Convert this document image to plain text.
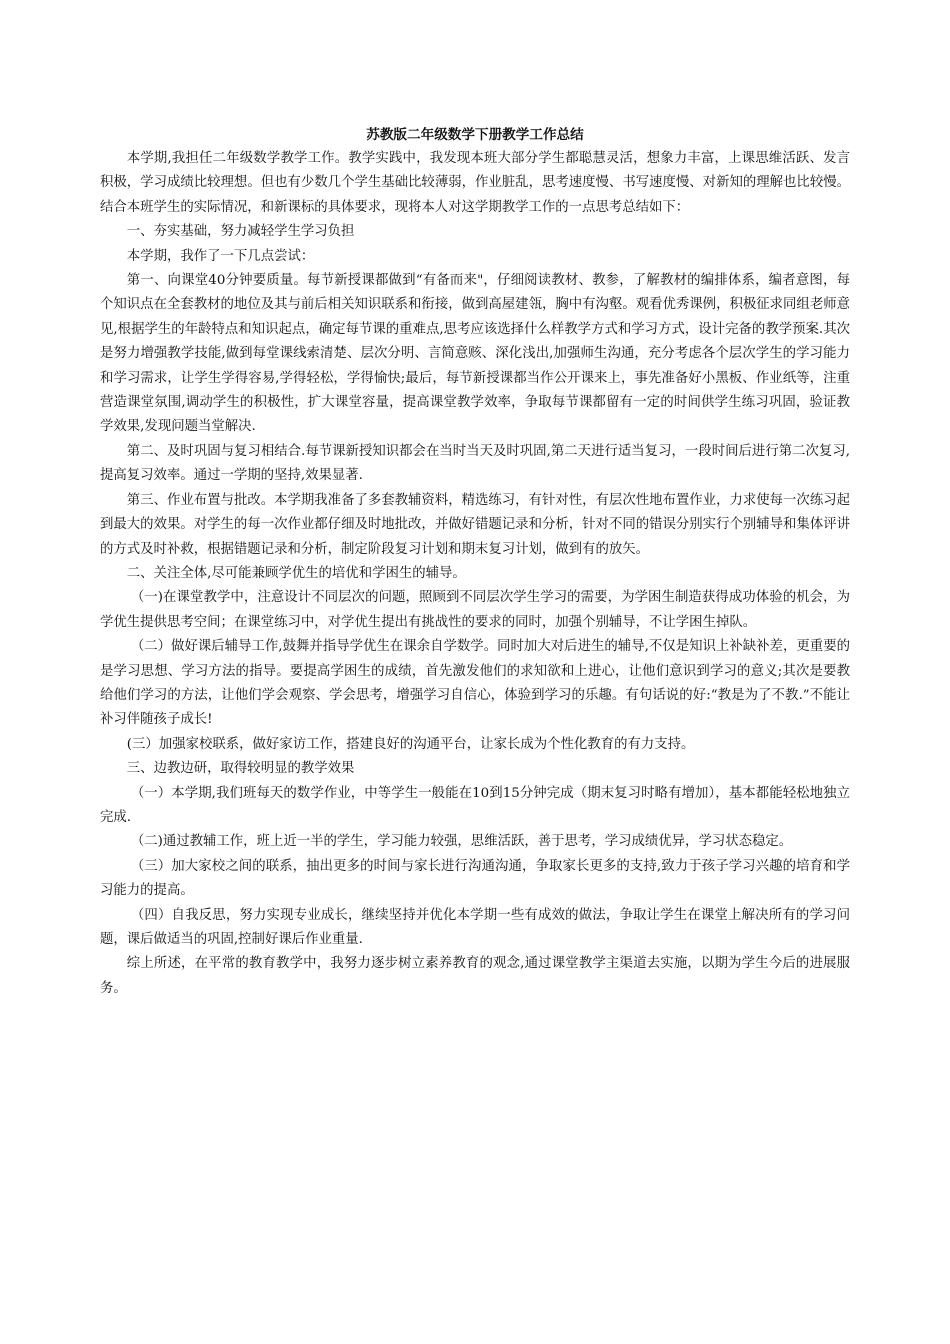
苏教版二年级数学下册教学工作总结

本学期,我担任二年级数学教学工作。教学实践中，我发现本班大部分学生都聪慧灵活，想象力丰富，上课思维活跃、发言积极，学习成绩比较理想。但也有少数几个学生基础比较薄弱，作业脏乱，思考速度慢、书写速度慢、对新知的理解也比较慢。结合本班学生的实际情况，和新课标的具体要求，现将本人对这学期教学工作的一点思考总结如下：

一、夯实基础，努力减轻学生学习负担

本学期，我作了一下几点尝试：

第一、向课堂40分钟要质量。每节新授课都做到“有备而来"，仔细阅读教材、教参，了解教材的编排体系，编者意图，每个知识点在全套教材的地位及其与前后相关知识联系和衔接，做到高屋建瓴，胸中有沟壑。观看优秀课例，积极征求同组老师意见,根据学生的年龄特点和知识起点，确定每节课的重难点,思考应该选择什么样教学方式和学习方式，设计完备的教学预案.其次是努力增强教学技能,做到每堂课线索清楚、层次分明、言简意赅、深化浅出,加强师生沟通，充分考虑各个层次学生的学习能力和学习需求，让学生学得容易,学得轻松，学得愉快;最后，每节新授课都当作公开课来上，事先准备好小黑板、作业纸等，注重营造课堂氛围,调动学生的积极性，扩大课堂容量，提高课堂教学效率，争取每节课都留有一定的时间供学生练习巩固，验证教学效果,发现问题当堂解决.

第二、及时巩固与复习相结合.每节课新授知识都会在当时当天及时巩固,第二天进行适当复习，一段时间后进行第二次复习,提高复习效率。通过一学期的坚持,效果显著.

第三、作业布置与批改。本学期我准备了多套教辅资料，精选练习，有针对性，有层次性地布置作业，力求使每一次练习起到最大的效果。对学生的每一次作业都仔细及时地批改，并做好错题记录和分析，针对不同的错误分别实行个别辅导和集体评讲的方式及时补救，根据错题记录和分析，制定阶段复习计划和期末复习计划，做到有的放矢。

二、关注全体,尽可能兼顾学优生的培优和学困生的辅导。

（一)在课堂教学中，注意设计不同层次的问题，照顾到不同层次学生学习的需要，为学困生制造获得成功体验的机会，为学优生提供思考空间；在课堂练习中，对学优生提出有挑战性的要求的同时，加强个别辅导，不让学困生掉队。

（二）做好课后辅导工作,鼓舞并指导学优生在课余自学数学。同时加大对后进生的辅导,不仅是知识上补缺补差，更重要的是学习思想、学习方法的指导。要提高学困生的成绩，首先激发他们的求知欲和上进心，让他们意识到学习的意义;其次是要教给他们学习的方法，让他们学会观察、学会思考，增强学习自信心，体验到学习的乐趣。有句话说的好:“教是为了不教.”不能让补习伴随孩子成长!

(三）加强家校联系，做好家访工作，搭建良好的沟通平台，让家长成为个性化教育的有力支持。

三、边教边研，取得较明显的教学效果

（一）本学期,我们班每天的数学作业，中等学生一般能在10到15分钟完成（期末复习时略有增加），基本都能轻松地独立完成.

（二)通过教辅工作，班上近一半的学生，学习能力较强，思维活跃，善于思考，学习成绩优异，学习状态稳定。

（三）加大家校之间的联系，抽出更多的时间与家长进行沟通沟通，争取家长更多的支持,致力于孩子学习兴趣的培育和学习能力的提高。

（四）自我反思，努力实现专业成长，继续坚持并优化本学期一些有成效的做法，争取让学生在课堂上解决所有的学习问题，课后做适当的巩固,控制好课后作业重量.

综上所述，在平常的教育教学中，我努力逐步树立素养教育的观念,通过课堂教学主渠道去实施，以期为学生今后的进展服务。
